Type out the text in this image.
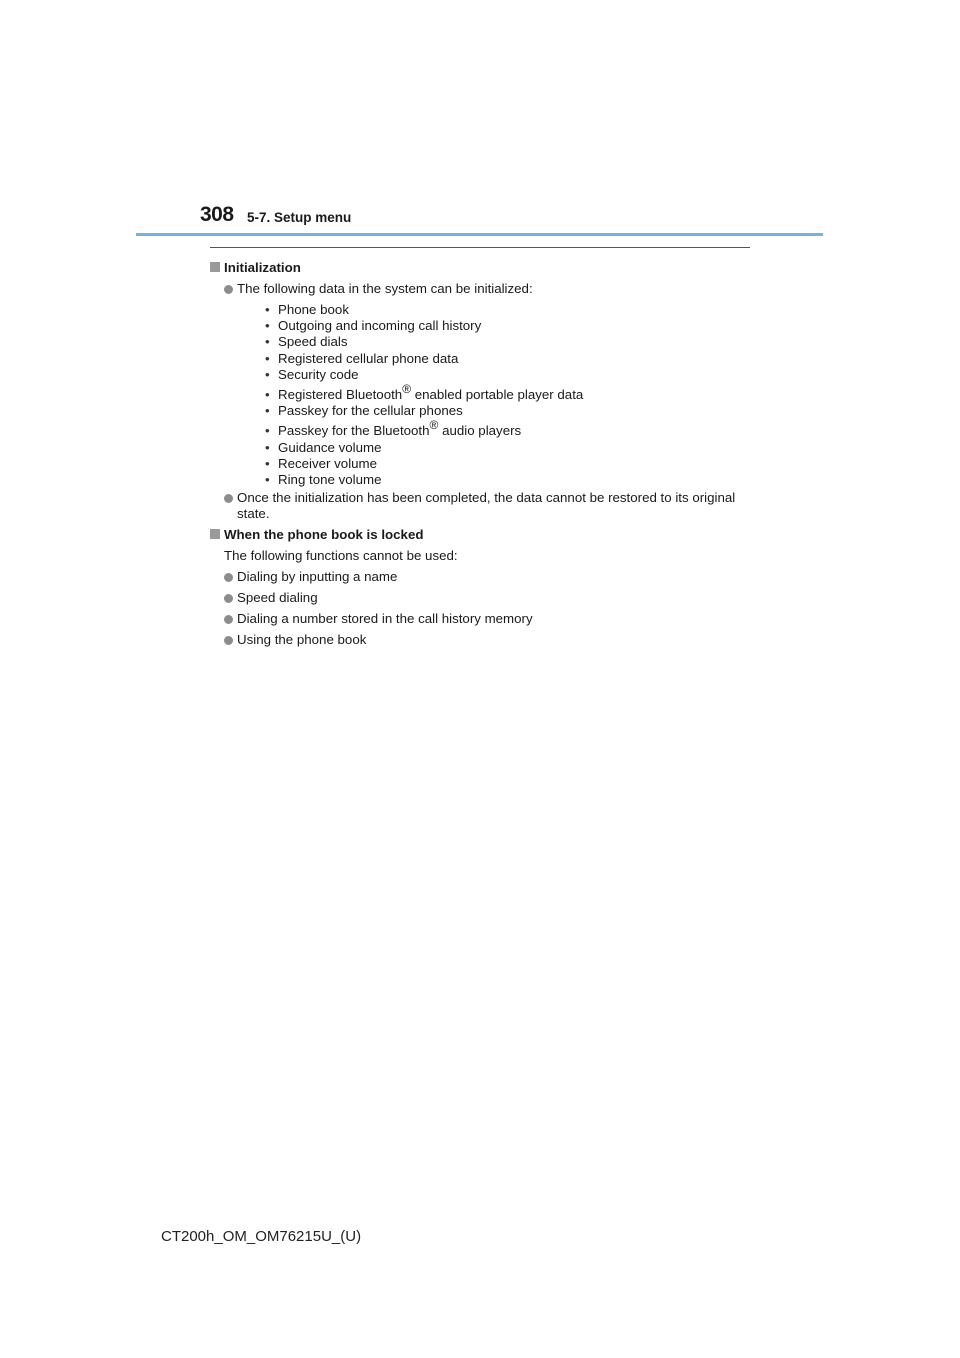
308 5-7. Setup menu
Initialization
The following data in the system can be initialized:
• Phone book
• Outgoing and incoming call history
• Speed dials
• Registered cellular phone data
• Security code
• Registered Bluetooth® enabled portable player data
• Passkey for the cellular phones
• Passkey for the Bluetooth® audio players
• Guidance volume
• Receiver volume
• Ring tone volume
Once the initialization has been completed, the data cannot be restored to its original state.
When the phone book is locked
The following functions cannot be used:
Dialing by inputting a name
Speed dialing
Dialing a number stored in the call history memory
Using the phone book
CT200h_OM_OM76215U_(U)
